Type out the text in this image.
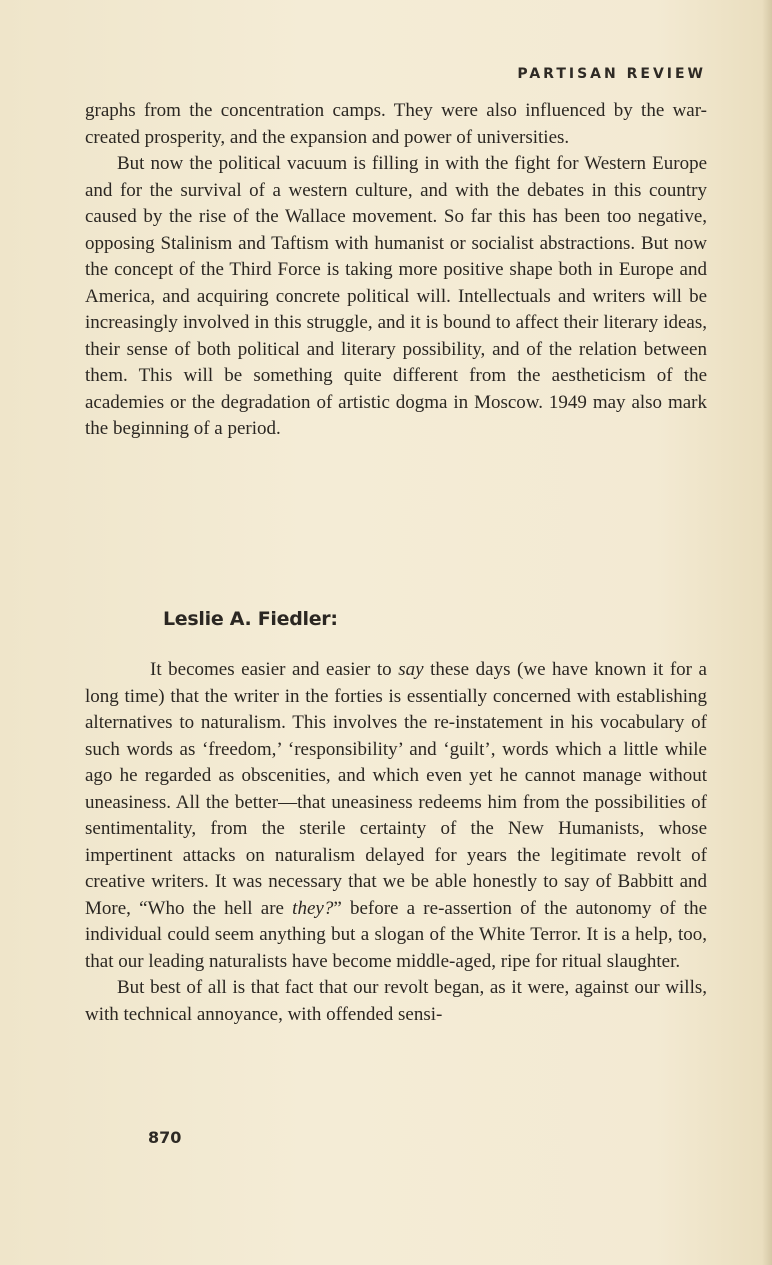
PARTISAN REVIEW

graphs from the concentration camps. They were also influenced by the war-created prosperity, and the expansion and power of universities.

But now the political vacuum is filling in with the fight for Western Europe and for the survival of a western culture, and with the debates in this country caused by the rise of the Wallace movement. So far this has been too negative, opposing Stalinism and Taftism with humanist or socialist abstractions. But now the concept of the Third Force is taking more positive shape both in Europe and America, and acquiring concrete political will. Intellectuals and writers will be increasingly involved in this struggle, and it is bound to affect their literary ideas, their sense of both political and literary possibility, and of the relation between them. This will be something quite different from the aestheticism of the academies or the degradation of artistic dogma in Moscow. 1949 may also mark the beginning of a period.

Leslie A. Fiedler:

It becomes easier and easier to say these days (we have known it for a long time) that the writer in the forties is essentially concerned with establishing alternatives to naturalism. This involves the re-instatement in his vocabulary of such words as ‘freedom,’ ‘responsibility’ and ‘guilt’, words which a little while ago he regarded as obscenities, and which even yet he cannot manage without uneasiness. All the better—that uneasiness redeems him from the possibilities of sentimentality, from the sterile certainty of the New Humanists, whose impertinent attacks on naturalism delayed for years the legitimate revolt of creative writers. It was necessary that we be able honestly to say of Babbitt and More, “Who the hell are they?” before a re-assertion of the autonomy of the individual could seem anything but a slogan of the White Terror. It is a help, too, that our leading naturalists have become middle-aged, ripe for ritual slaughter.

But best of all is that fact that our revolt began, as it were, against our wills, with technical annoyance, with offended sensi-

870
